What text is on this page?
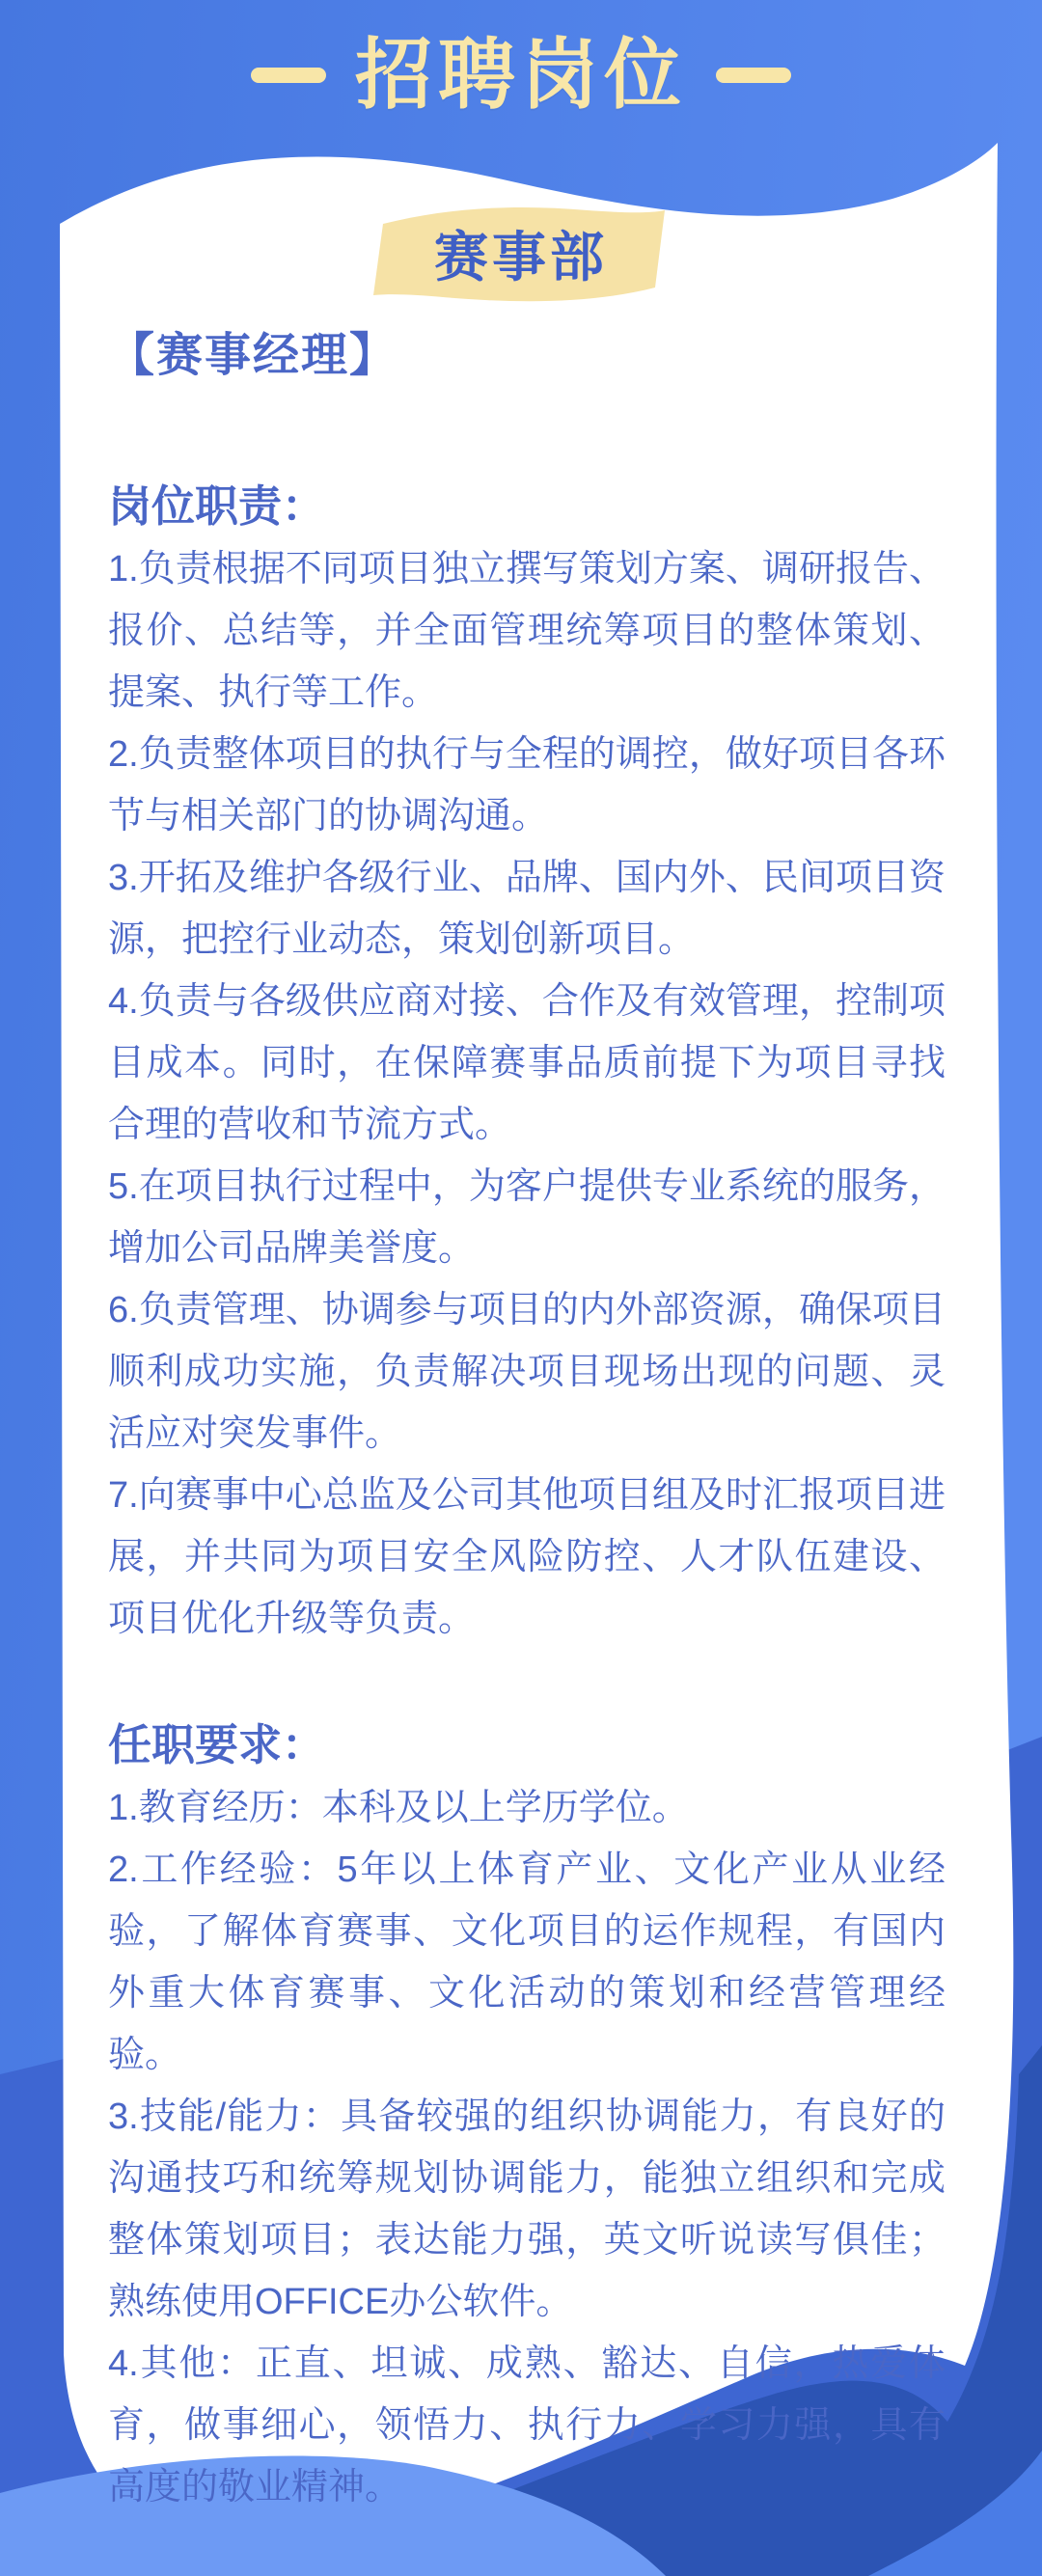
招聘岗位
赛事部
【赛事经理】
岗位职责：

1.负责根据不同项目独立撰写策划方案、调研报告、报价、总结等，并全面管理统筹项目的整体策划、提案、执行等工作。

2.负责整体项目的执行与全程的调控，做好项目各环节与相关部门的协调沟通。

3.开拓及维护各级行业、品牌、国内外、民间项目资源，把控行业动态，策划创新项目。

4.负责与各级供应商对接、合作及有效管理，控制项目成本。同时，在保障赛事品质前提下为项目寻找合理的营收和节流方式。

5.在项目执行过程中，为客户提供专业系统的服务，增加公司品牌美誉度。

6.负责管理、协调参与项目的内外部资源，确保项目顺利成功实施，负责解决项目现场出现的问题、灵活应对突发事件。

7.向赛事中心总监及公司其他项目组及时汇报项目进展，并共同为项目安全风险防控、人才队伍建设、项目优化升级等负责。

任职要求：

1.教育经历：本科及以上学历学位。

2.工作经验：5年以上体育产业、文化产业从业经验，了解体育赛事、文化项目的运作规程，有国内外重大体育赛事、文化活动的策划和经营管理经验。

3.技能/能力：具备较强的组织协调能力，有良好的沟通技巧和统筹规划协调能力，能独立组织和完成整体策划项目；表达能力强，英文听说读写俱佳；熟练使用OFFICE办公软件。

4.其他：正直、坦诚、成熟、豁达、自信，热爱体育，做事细心，领悟力、执行力、学习力强，具有高度的敬业精神。
